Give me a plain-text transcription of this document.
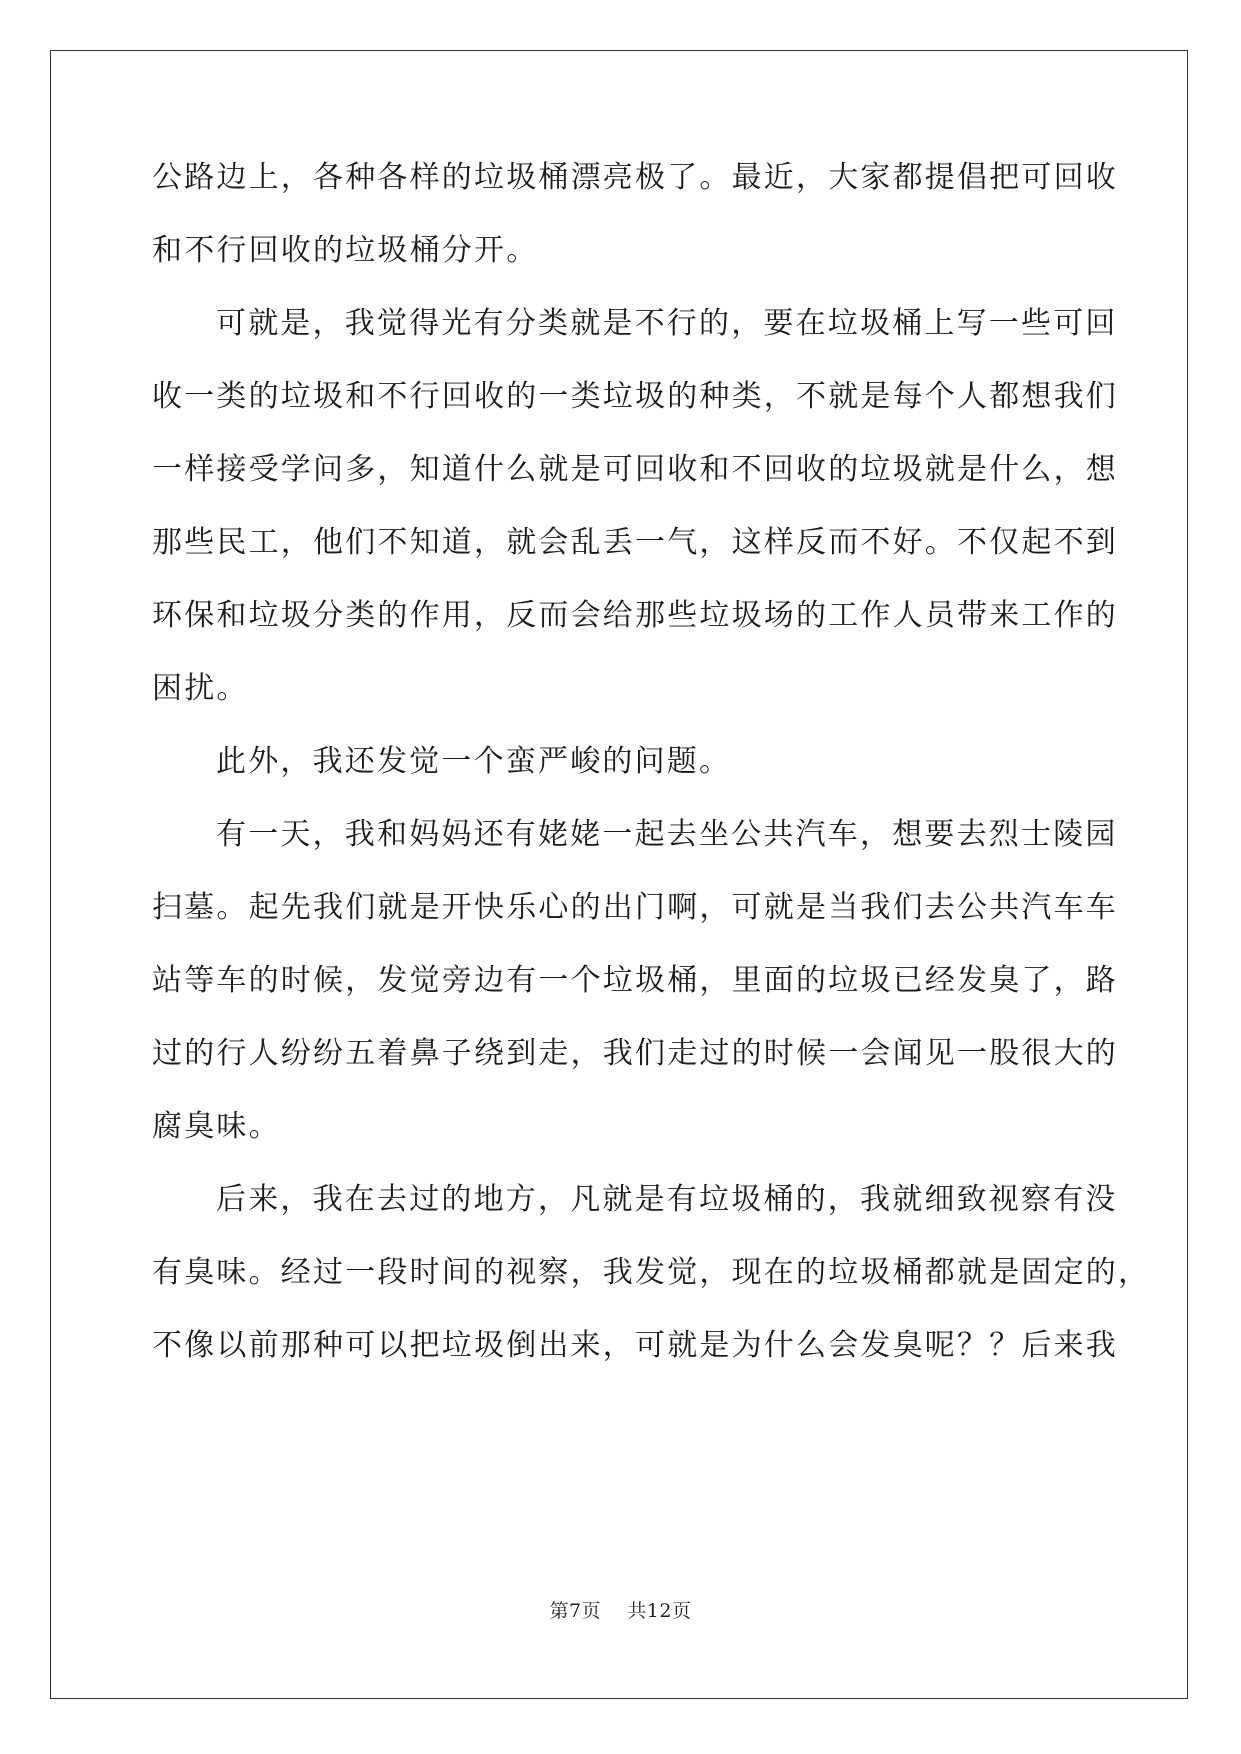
公路边上，各种各样的垃圾桶漂亮极了。最近，大家都提倡把可回收
和不行回收的垃圾桶分开。
可就是，我觉得光有分类就是不行的，要在垃圾桶上写一些可回
收一类的垃圾和不行回收的一类垃圾的种类，不就是每个人都想我们
一样接受学问多，知道什么就是可回收和不回收的垃圾就是什么，想
那些民工，他们不知道，就会乱丢一气，这样反而不好。不仅起不到
环保和垃圾分类的作用，反而会给那些垃圾场的工作人员带来工作的
困扰。
此外，我还发觉一个蛮严峻的问题。
有一天，我和妈妈还有姥姥一起去坐公共汽车，想要去烈士陵园
扫墓。起先我们就是开快乐心的出门啊，可就是当我们去公共汽车车
站等车的时候，发觉旁边有一个垃圾桶，里面的垃圾已经发臭了，路
过的行人纷纷五着鼻子绕到走，我们走过的时候一会闻见一股很大的
腐臭味。
后来，我在去过的地方，凡就是有垃圾桶的，我就细致视察有没
有臭味。经过一段时间的视察，我发觉，现在的垃圾桶都就是固定的，
不像以前那种可以把垃圾倒出来，可就是为什么会发臭呢？？后来我
第7页 共12页
